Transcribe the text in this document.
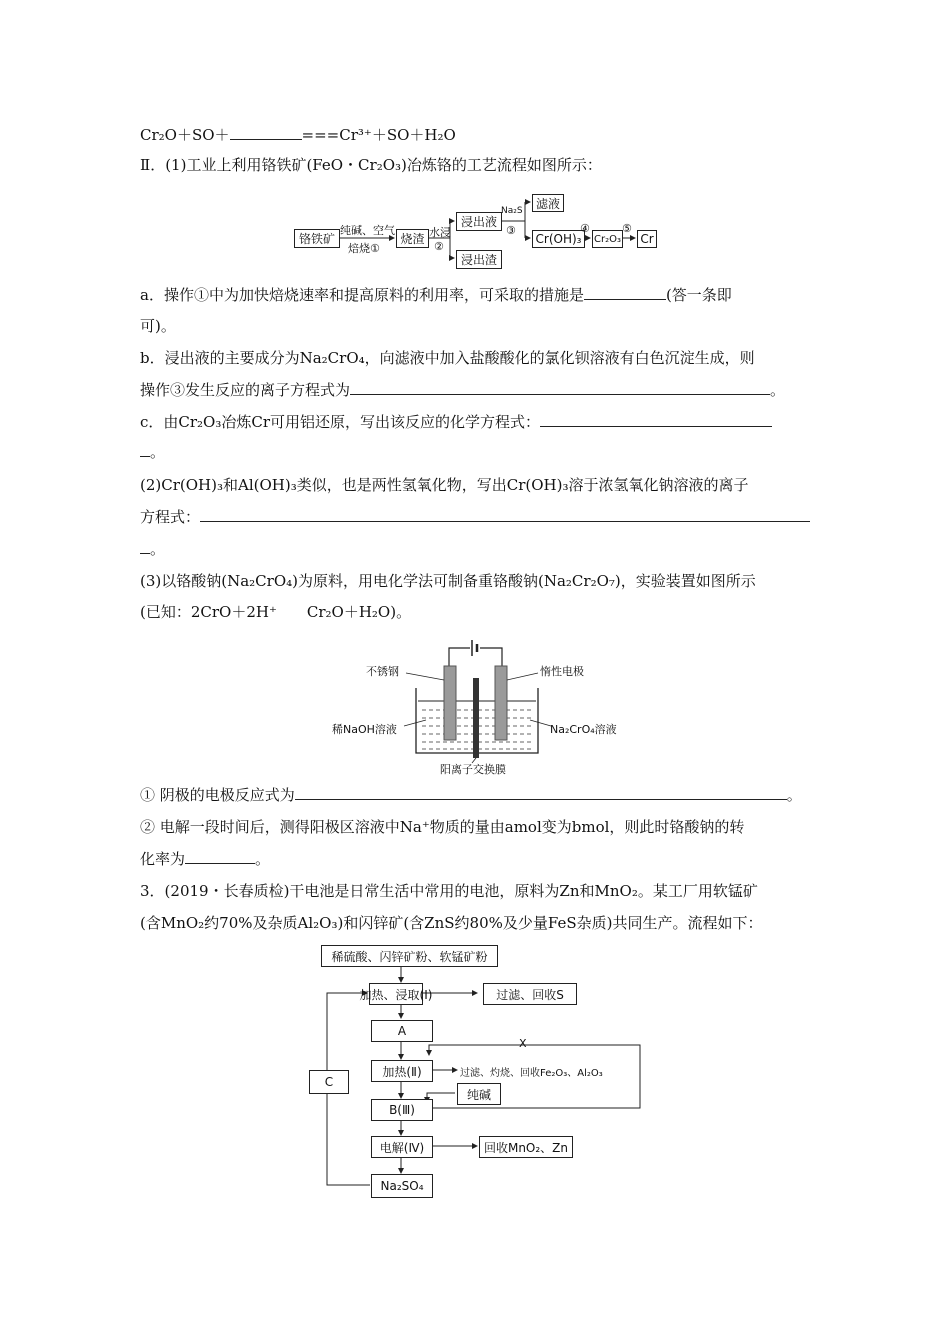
Cr₂O＋SO＋	===Cr³⁺＋SO＋H₂O
Ⅱ．(1)工业上利用铬铁矿(FeO・Cr₂O₃)冶炼铬的工艺流程如图所示：
铬铁矿
纯碱、空气
焙烧①
烧渣 水浸
②
浸出液
浸出渣
Na₂S
③
滤液
Cr(OH)₃
④
Cr₂O₃
⑤
Cr
a．操作①中为加快焙烧速率和提高原料的利用率，可采取的措施是	(答一条即
可)。
b．浸出液的主要成分为Na₂CrO₄，向滤液中加入盐酸酸化的氯化钡溶液有白色沉淀生成，则
操作③发生反应的离子方程式为	。
c．由Cr₂O₃冶炼Cr可用铝还原，写出该反应的化学方程式：
。
(2)Cr(OH)₃和Al(OH)₃类似，也是两性氢氧化物，写出Cr(OH)₃溶于浓氢氧化钠溶液的离子
方程式：
。
(3)以铬酸钠(Na₂CrO₄)为原料，用电化学法可制备重铬酸钠(Na₂Cr₂O₇)，实验装置如图所示
(已知：2CrO＋2H⁺  Cr₂O＋H₂O)。
不锈钢	惰性电极
稀NaOH溶液	Na₂CrO₄溶液
阳离子交换膜
① 阴极的电极反应式为	。
② 电解一段时间后，测得阳极区溶液中Na⁺物质的量由amol变为bmol，则此时铬酸钠的转
化率为	。
3．(2019・长春质检)干电池是日常生活中常用的电池，原料为Zn和MnO₂。某工厂用软锰矿
(含MnO₂约70%及杂质Al₂O₃)和闪锌矿(含ZnS约80%及少量FeS杂质)共同生产。流程如下：
稀硫酸、闪锌矿粉、软锰矿粉
加热、浸取(Ⅰ)	过滤、回收S
A
X
加热(Ⅱ)	过滤、灼烧、回收Fe₂O₃、Al₂O₃
纯碱
B(Ⅲ)
电解(Ⅳ)	回收MnO₂、Zn
Na₂SO₄
C
